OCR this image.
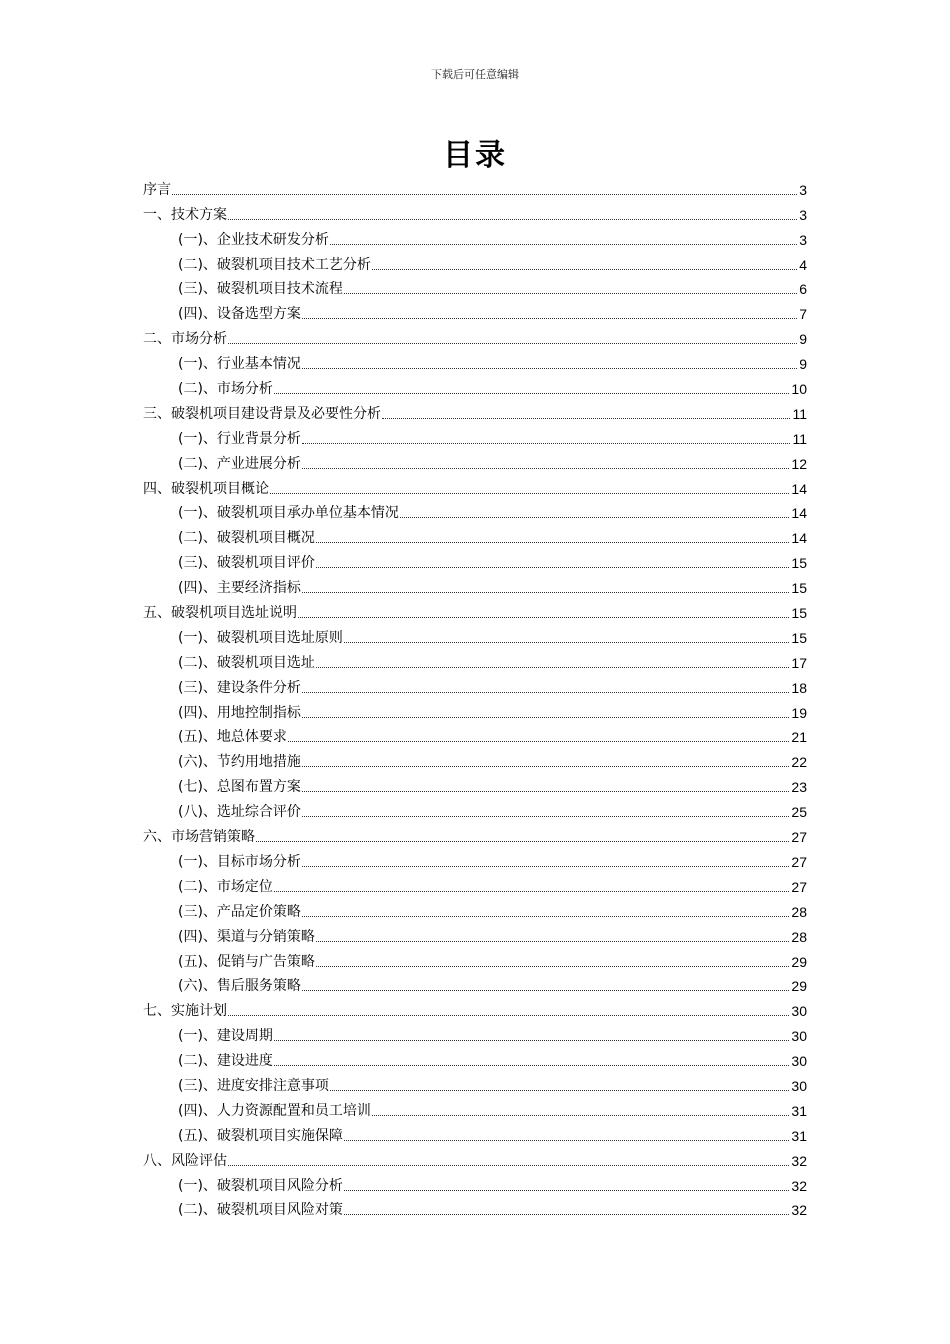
下载后可任意编辑
目录
序言	3
一、技术方案	3
(一)、企业技术研发分析	3
(二)、破裂机项目技术工艺分析	4
(三)、破裂机项目技术流程	6
(四)、设备选型方案	7
二、市场分析	9
(一)、行业基本情况	9
(二)、市场分析	10
三、破裂机项目建设背景及必要性分析	11
(一)、行业背景分析	11
(二)、产业进展分析	12
四、破裂机项目概论	14
(一)、破裂机项目承办单位基本情况	14
(二)、破裂机项目概况	14
(三)、破裂机项目评价	15
(四)、主要经济指标	15
五、破裂机项目选址说明	15
(一)、破裂机项目选址原则	15
(二)、破裂机项目选址	17
(三)、建设条件分析	18
(四)、用地控制指标	19
(五)、地总体要求	21
(六)、节约用地措施	22
(七)、总图布置方案	23
(八)、选址综合评价	25
六、市场营销策略	27
(一)、目标市场分析	27
(二)、市场定位	27
(三)、产品定价策略	28
(四)、渠道与分销策略	28
(五)、促销与广告策略	29
(六)、售后服务策略	29
七、实施计划	30
(一)、建设周期	30
(二)、建设进度	30
(三)、进度安排注意事项	30
(四)、人力资源配置和员工培训	31
(五)、破裂机项目实施保障	31
八、风险评估	32
(一)、破裂机项目风险分析	32
(二)、破裂机项目风险对策	32
